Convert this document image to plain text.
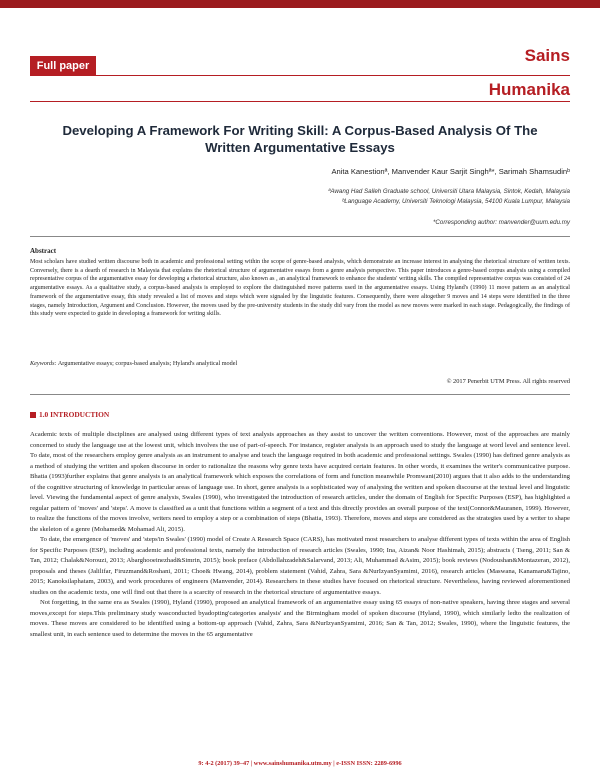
Full paper
Sains
Humanika
Developing A Framework For Writing Skill: A Corpus-Based Analysis Of The Written Argumentative Essays
Anita Kanestionª, Manvender Kaur Sarjit Singhª*, Sarimah Shamsudinᵇ
ªAwang Had Salleh Graduate school, Universiti Utara Malaysia, Sintok, Kedah, Malaysia
ᵇLanguage Academy, Universiti Teknologi Malaysia, 54100 Kuala Lumpur, Malaysia
*Corresponding author: manvender@uum.edu.my
Abstract
Most scholars have studied written discourse both in academic and professional setting within the scope of genre-based analysis, which demonstrate an increase interest in analysing the rhetorical structure of written texts. Conversely, there is a dearth of research in Malaysia that explains the rhetorical structure of argumentative essays from a genre analysis perspective. This paper introduces a genre-based corpus analysis using a compiled representative corpus of the argumentative essay for developing a rhetorical structure, also known as , an analytical framework to enhance the students' writing skills. The compiled representative corpus was consisted of 24 argumentative essays. As a qualitative study, a corpus-based analysis is employed to explore the distinguished move patterns used in the argumentative essays. Using Hyland's (1990) 11 move pattern as an analytical framework of the argumentative essay, this study revealed a list of moves and steps which were signaled by the linguistic features. Consequently, there were altogether 9 moves and 14 steps were identified in the three stages, namely Introduction, Argument and Conclusion. However, the moves used by the pre-university students in the study did vary from the model as new moves were marked in each stage. Pedagogically, the findings of this study were expected to guide in developing a framework for writing skills.
Keywords: Argumentative essays; corpus-based analysis; Hyland's analytical model
© 2017 Penerbit UTM Press. All rights reserved
1.0 INTRODUCTION

Academic texts of multiple disciplines are analysed using different types of text analysis approaches as they assist to uncover the written conventions. However, most of the approaches are mainly concerned to study the language use at the lowest unit, which involves the use of part-of-speech. For instance, register analysis is an approach used to study the language at word level and sentence level. To date, most of the researchers employ genre analysis as an instrument to analyse and teach the language required in both academic and professional settings. Swales (1990) has defined genre analysis as a method of studying the written and spoken discourse in order to rationalize the reasons why genre texts have acquired certain features. In other words, it examines the writer's communicative purpose. Bhatia (1993)further explains that genre analysis is an analytical framework which exposes the correlations of form and function meanwhile Promwani(2010) argues that it also adds to the understanding of the cognitive structuring of knowledge in particular areas of language use. In short, genre analysis is a sophisticated way of analysing the written and spoken discourse at the textual level and linguistic level. Viewing the fundamental aspect of genre analysis, Swales (1990), who investigated the introduction of research articles, under the domain of English for Specific Purposes (ESP), has highlighted a regular pattern of 'moves' and 'steps'. A move is classified as a unit that functions within a segment of a text and this directly provides an overall purpose of the text(Connor&Mauranen, 1999). However, to realize the functions of the moves involve, writers need to employ a step or a combination of steps (Bhatia, 1993). Therefore, moves and steps are considered as the strategies used by a writer to shape the skeleton of a genre (Mohamed& Mohamad Ali, 2015).

To date, the emergence of 'moves' and 'steps'in Swales' (1990) model of Create A Research Space (CARS), has motivated most researchers to analyse different types of texts within the area of English for Specific Purposes (ESP), including academic and professional texts, namely the introduction of research articles (Swales, 1990; Ina, Aizan& Noor Hashimah, 2015); abstracts ( Tseng, 2011; San & Tan, 2012; Chalak&Norouzi, 2013; Abarghooeinezhad&Simrin, 2015); book preface (Abdollahzadeh&Salarvand, 2013; Ali, Muhammad &Asim, 2015); book reviews (Nodoushan&Montazeran, 2012), proposals and theses (Jalilifar, Firuzmand&Roshani, 2011; Choe& Hwang, 2014), problem statement (Vahid, Zahra, Sara &NurIzyanSyamimi, 2016), research articles (Maswana, Kanamaru&Tajino, 2015; Kanoksilaphatam, 2003), and work procedures of engineers (Manvender, 2014). Researchers in these studies have focused on rhetorical structure. Nevertheless, having reviewed aforementioned studies on the academic texts, one will find out that there is a scarcity of research in the rhetorical structure of argumentative essays.

Not forgetting, in the same era as Swales (1990), Hyland (1990), proposed an analytical framework of an argumentative essay using 65 essays of non-native speakers, having three stages and several moves,except for steps.This preliminary study wasconducted byadopting'categories analysis' and the Birmingham model of spoken discourse (Hyland, 1990), which similarly ledto the realization of moves. These moves are considered to be identified using a bottom-up approach (Vahid, Zahra, Sara &NurIzyanSyamimi, 2016; San & Tan, 2012; Swales, 1990), where the linguistic features, the smallest unit, in each sentence used to determine the moves in the 65 argumentative

9: 4-2 (2017) 39–47 | www.sainshumanika.utm.my | e-ISSN ISSN: 2289-6996
